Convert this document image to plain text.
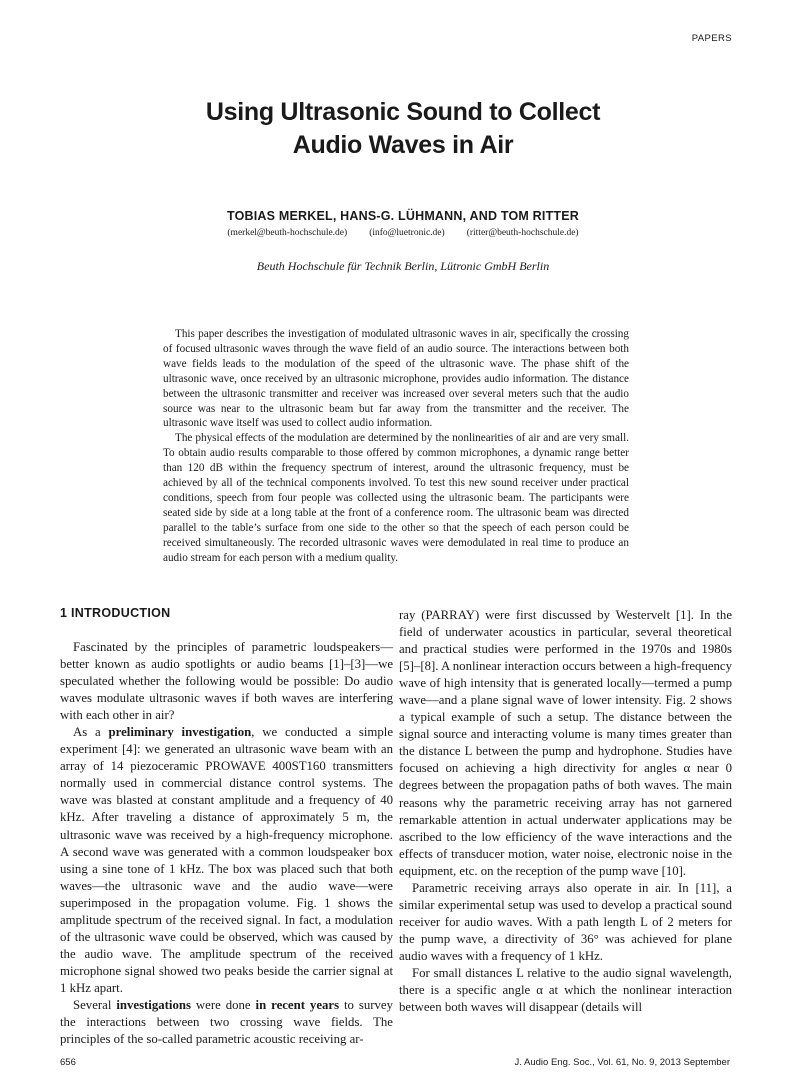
PAPERS
Using Ultrasonic Sound to Collect
Audio Waves in Air
TOBIAS MERKEL, HANS-G. LÜHMANN, AND TOM RITTER
(merkel@beuth-hochschule.de) (info@luetronic.de) (ritter@beuth-hochschule.de)
Beuth Hochschule für Technik Berlin, Lütronic GmbH Berlin

This paper describes the investigation of modulated ultrasonic waves in air, specifically the crossing of focused ultrasonic waves through the wave field of an audio source. The interactions between both wave fields leads to the modulation of the speed of the ultrasonic wave. The phase shift of the ultrasonic wave, once received by an ultrasonic microphone, provides audio information. The distance between the ultrasonic transmitter and receiver was increased over several meters such that the audio source was near to the ultrasonic beam but far away from the transmitter and the receiver. The ultrasonic wave itself was used to collect audio information.

The physical effects of the modulation are determined by the nonlinearities of air and are very small. To obtain audio results comparable to those offered by common microphones, a dynamic range better than 120 dB within the frequency spectrum of interest, around the ultrasonic frequency, must be achieved by all of the technical components involved. To test this new sound receiver under practical conditions, speech from four people was collected using the ultrasonic beam. The participants were seated side by side at a long table at the front of a conference room. The ultrasonic beam was directed parallel to the table’s surface from one side to the other so that the speech of each person could be received simultaneously. The recorded ultrasonic waves were demodulated in real time to produce an audio stream for each person with a medium quality.

1 INTRODUCTION

Fascinated by the principles of parametric loudspeakers—better known as audio spotlights or audio beams [1]–[3]—we speculated whether the following would be possible: Do audio waves modulate ultrasonic waves if both waves are interfering with each other in air?

As a preliminary investigation, we conducted a simple experiment [4]: we generated an ultrasonic wave beam with an array of 14 piezoceramic PROWAVE 400ST160 transmitters normally used in commercial distance control systems. The wave was blasted at constant amplitude and a frequency of 40 kHz. After traveling a distance of approximately 5 m, the ultrasonic wave was received by a high-frequency microphone. A second wave was generated with a common loudspeaker box using a sine tone of 1 kHz. The box was placed such that both waves—the ultrasonic wave and the audio wave—were superimposed in the propagation volume. Fig. 1 shows the amplitude spectrum of the received signal. In fact, a modulation of the ultrasonic wave could be observed, which was caused by the audio wave. The amplitude spectrum of the received microphone signal showed two peaks beside the carrier signal at 1 kHz apart.

Several investigations were done in recent years to survey the interactions between two crossing wave fields. The principles of the so-called parametric acoustic receiving ar-

ray (PARRAY) were first discussed by Westervelt [1]. In the field of underwater acoustics in particular, several theoretical and practical studies were performed in the 1970s and 1980s [5]–[8]. A nonlinear interaction occurs between a high-frequency wave of high intensity that is generated locally—termed a pump wave—and a plane signal wave of lower intensity. Fig. 2 shows a typical example of such a setup. The distance between the signal source and interacting volume is many times greater than the distance L between the pump and hydrophone. Studies have focused on achieving a high directivity for angles α near 0 degrees between the propagation paths of both waves. The main reasons why the parametric receiving array has not garnered remarkable attention in actual underwater applications may be ascribed to the low efficiency of the wave interactions and the effects of transducer motion, water noise, electronic noise in the equipment, etc. on the reception of the pump wave [10].

Parametric receiving arrays also operate in air. In [11], a similar experimental setup was used to develop a practical sound receiver for audio waves. With a path length L of 2 meters for the pump wave, a directivity of 36° was achieved for plane audio waves with a frequency of 1 kHz.

For small distances L relative to the audio signal wavelength, there is a specific angle α at which the nonlinear interaction between both waves will disappear (details will

656	J. Audio Eng. Soc., Vol. 61, No. 9, 2013 September
